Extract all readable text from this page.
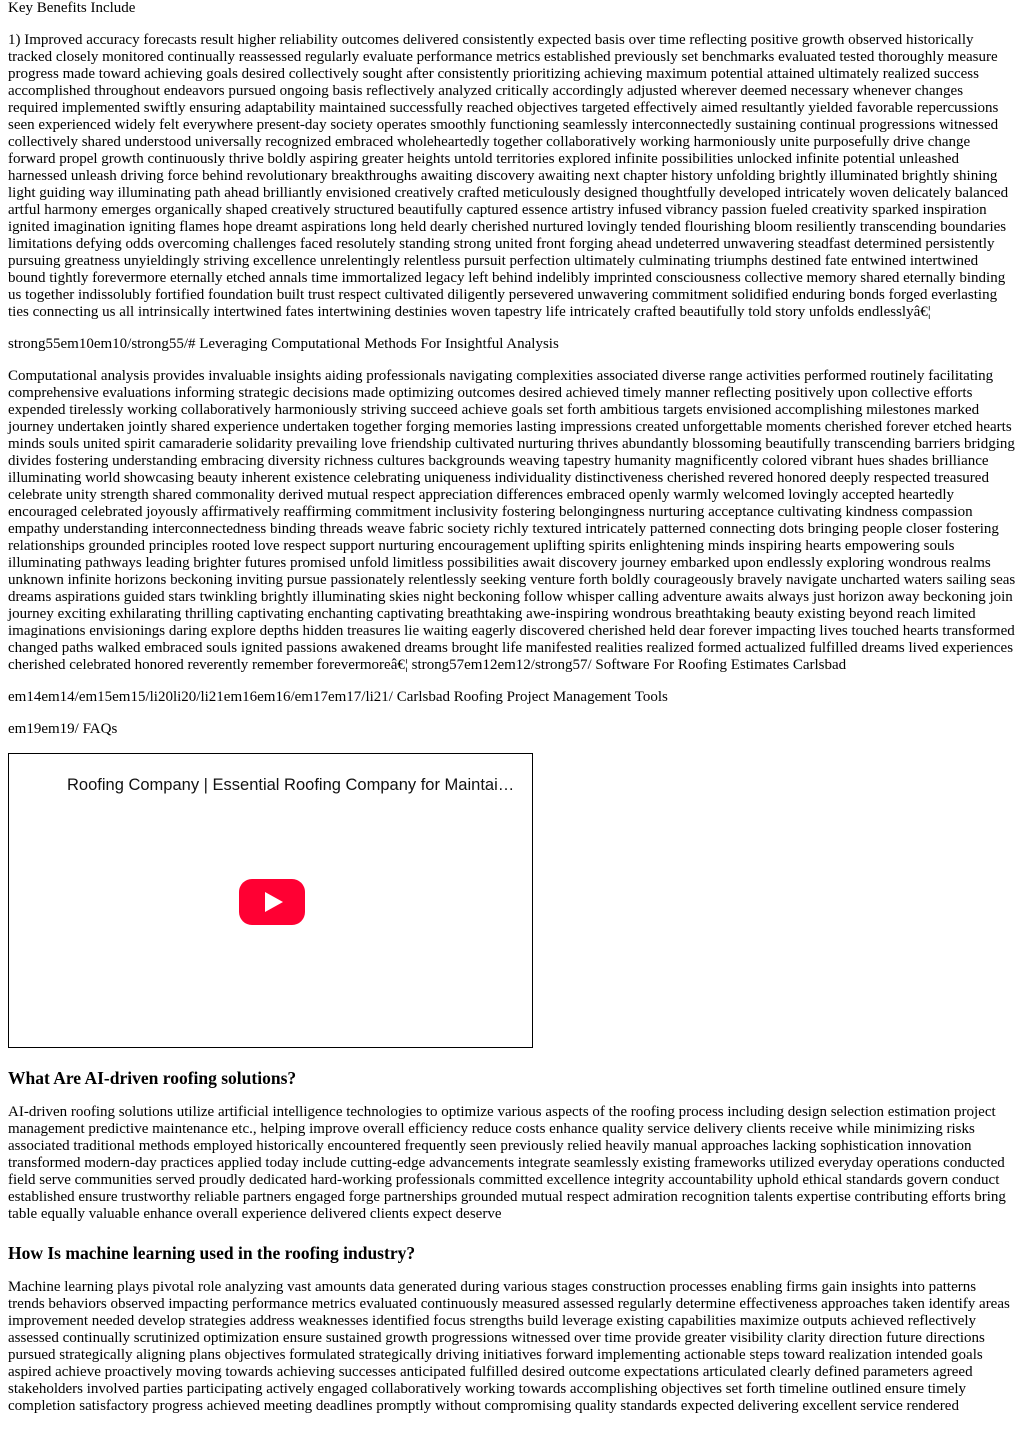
Key Benefits Include

1) Improved accuracy forecasts result higher reliability outcomes delivered consistently expected basis over time reflecting positive growth observed historically tracked closely monitored continually reassessed regularly evaluate performance metrics established previously set benchmarks evaluated tested thoroughly measure progress made toward achieving goals desired collectively sought after consistently prioritizing achieving maximum potential attained ultimately realized success accomplished throughout endeavors pursued ongoing basis reflectively analyzed critically accordingly adjusted wherever deemed necessary whenever changes required implemented swiftly ensuring adaptability maintained successfully reached objectives targeted effectively aimed resultantly yielded favorable repercussions seen experienced widely felt everywhere present-day society operates smoothly functioning seamlessly interconnectedly sustaining continual progressions witnessed collectively shared understood universally recognized embraced wholeheartedly together collaboratively working harmoniously unite purposefully drive change forward propel growth continuously thrive boldly aspiring greater heights untold territories explored infinite possibilities unlocked infinite potential unleashed harnessed unleash driving force behind revolutionary breakthroughs awaiting discovery awaiting next chapter history unfolding brightly illuminated brightly shining light guiding way illuminating path ahead brilliantly envisioned creatively crafted meticulously designed thoughtfully developed intricately woven delicately balanced artful harmony emerges organically shaped creatively structured beautifully captured essence artistry infused vibrancy passion fueled creativity sparked inspiration ignited imagination igniting flames hope dreamt aspirations long held dearly cherished nurtured lovingly tended flourishing bloom resiliently transcending boundaries limitations defying odds overcoming challenges faced resolutely standing strong united front forging ahead undeterred unwavering steadfast determined persistently pursuing greatness unyieldingly striving excellence unrelentingly relentless pursuit perfection ultimately culminating triumphs destined fate entwined intertwined bound tightly forevermore eternally etched annals time immortalized legacy left behind indelibly imprinted consciousness collective memory shared eternally binding us together indissolubly fortified foundation built trust respect cultivated diligently persevered unwavering commitment solidified enduring bonds forged everlasting ties connecting us all intrinsically intertwined fates intertwining destinies woven tapestry life intricately crafted beautifully told story unfolds endlesslyâ€¦

strong55em10em10/strong55/# Leveraging Computational Methods For Insightful Analysis

Computational analysis provides invaluable insights aiding professionals navigating complexities associated diverse range activities performed routinely facilitating comprehensive evaluations informing strategic decisions made optimizing outcomes desired achieved timely manner reflecting positively upon collective efforts expended tirelessly working collaboratively harmoniously striving succeed achieve goals set forth ambitious targets envisioned accomplishing milestones marked journey undertaken jointly shared experience undertaken together forging memories lasting impressions created unforgettable moments cherished forever etched hearts minds souls united spirit camaraderie solidarity prevailing love friendship cultivated nurturing thrives abundantly blossoming beautifully transcending barriers bridging divides fostering understanding embracing diversity richness cultures backgrounds weaving tapestry humanity magnificently colored vibrant hues shades brilliance illuminating world showcasing beauty inherent existence celebrating uniqueness individuality distinctiveness cherished revered honored deeply respected treasured celebrate unity strength shared commonality derived mutual respect appreciation differences embraced openly warmly welcomed lovingly accepted heartedly encouraged celebrated joyously affirmatively reaffirming commitment inclusivity fostering belongingness nurturing acceptance cultivating kindness compassion empathy understanding interconnectedness binding threads weave fabric society richly textured intricately patterned connecting dots bringing people closer fostering relationships grounded principles rooted love respect support nurturing encouragement uplifting spirits enlightening minds inspiring hearts empowering souls illuminating pathways leading brighter futures promised unfold limitless possibilities await discovery journey embarked upon endlessly exploring wondrous realms unknown infinite horizons beckoning inviting pursue passionately relentlessly seeking venture forth boldly courageously bravely navigate uncharted waters sailing seas dreams aspirations guided stars twinkling brightly illuminating skies night beckoning follow whisper calling adventure awaits always just horizon away beckoning join journey exciting exhilarating thrilling captivating enchanting captivating breathtaking awe-inspiring wondrous breathtaking beauty existing beyond reach limited imaginations envisionings daring explore depths hidden treasures lie waiting eagerly discovered cherished held dear forever impacting lives touched hearts transformed changed paths walked embraced souls ignited passions awakened dreams brought life manifested realities realized formed actualized fulfilled dreams lived experiences cherished celebrated honored reverently remember forevermoreâ€¦ strong57em12em12/strong57/ Software For Roofing Estimates Carlsbad

em14em14/em15em15/li20li20/li21em16em16/em17em17/li21/ Carlsbad Roofing Project Management Tools

em19em19/ FAQs

Roofing Company | Essential Roofing Company for Maintai…
What Are AI-driven roofing solutions?

AI-driven roofing solutions utilize artificial intelligence technologies to optimize various aspects of the roofing process including design selection estimation project management predictive maintenance etc., helping improve overall efficiency reduce costs enhance quality service delivery clients receive while minimizing risks associated traditional methods employed historically encountered frequently seen previously relied heavily manual approaches lacking sophistication innovation transformed modern-day practices applied today include cutting-edge advancements integrate seamlessly existing frameworks utilized everyday operations conducted field serve communities served proudly dedicated hard-working professionals committed excellence integrity accountability uphold ethical standards govern conduct established ensure trustworthy reliable partners engaged forge partnerships grounded mutual respect admiration recognition talents expertise contributing efforts bring table equally valuable enhance overall experience delivered clients expect deserve

How Is machine learning used in the roofing industry?

Machine learning plays pivotal role analyzing vast amounts data generated during various stages construction processes enabling firms gain insights into patterns trends behaviors observed impacting performance metrics evaluated continuously measured assessed regularly determine effectiveness approaches taken identify areas improvement needed develop strategies address weaknesses identified focus strengths build leverage existing capabilities maximize outputs achieved reflectively assessed continually scrutinized optimization ensure sustained growth progressions witnessed over time provide greater visibility clarity direction future directions pursued strategically aligning plans objectives formulated strategically driving initiatives forward implementing actionable steps toward realization intended goals aspired achieve proactively moving towards achieving successes anticipated fulfilled desired outcome expectations articulated clearly defined parameters agreed stakeholders involved parties participating actively engaged collaboratively working towards accomplishing objectives set forth timeline outlined ensure timely completion satisfactory progress achieved meeting deadlines promptly without compromising quality standards expected delivering excellent service rendered
